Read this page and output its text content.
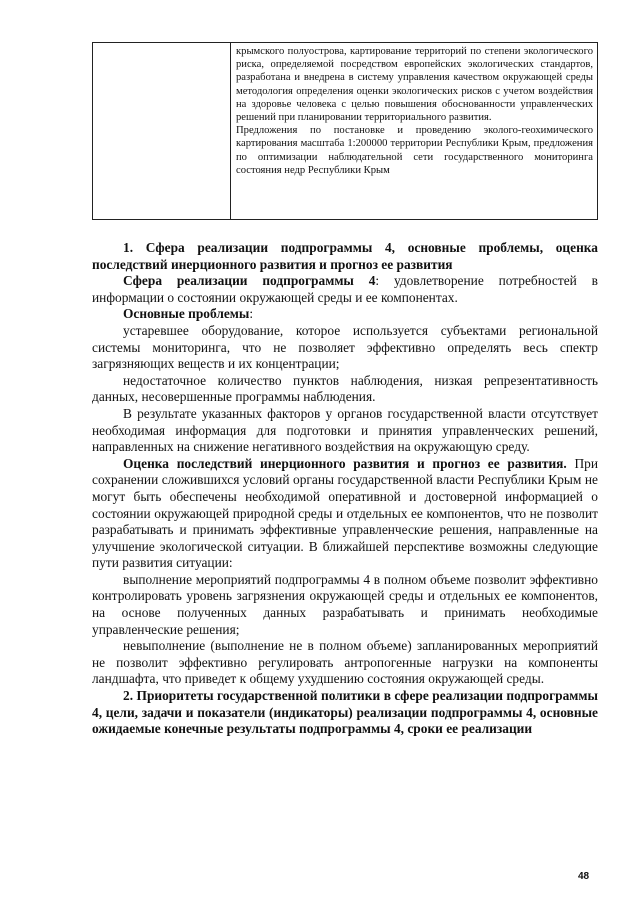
крымского полуострова, картирование территорий по степени экологического риска, определяемой посредством европейских экологических стандартов, разработана и внедрена в систему управления качеством окружающей среды методология определения оценки экологических рисков с учетом воздействия на здоровье человека с целью повышения обоснованности управленческих решений при планировании территориального развития.

Предложения по постановке и проведению эколого-геохимического картирования масштаба 1:200000 территории Республики Крым, предложения по оптимизации наблюдательной сети государственного мониторинга состояния недр Республики Крым

1. Сфера реализации подпрограммы 4, основные проблемы, оценка последствий инерционного развития и прогноз ее развития

Сфера реализации подпрограммы 4: удовлетворение потребностей в информации о состоянии окружающей среды и ее компонентах.

Основные проблемы:

устаревшее оборудование, которое используется субъектами региональной системы мониторинга, что не позволяет эффективно определять весь спектр загрязняющих веществ и их концентрации;

недостаточное количество пунктов наблюдения, низкая репрезентативность данных, несовершенные программы наблюдения.

В результате указанных факторов у органов государственной власти отсутствует необходимая информация для подготовки и принятия управленческих решений, направленных на снижение негативного воздействия на окружающую среду.

Оценка последствий инерционного развития и прогноз ее развития. При сохранении сложившихся условий органы государственной власти Республики Крым не могут быть обеспечены необходимой оперативной и достоверной информацией о состоянии окружающей природной среды и отдельных ее компонентов, что не позволит разрабатывать и принимать эффективные управленческие решения, направленные на улучшение экологической ситуации. В ближайшей перспективе возможны следующие пути развития ситуации:

выполнение мероприятий подпрограммы 4 в полном объеме позволит эффективно контролировать уровень загрязнения окружающей среды и отдельных ее компонентов, на основе полученных данных разрабатывать и принимать необходимые управленческие решения;

невыполнение (выполнение не в полном объеме) запланированных мероприятий не позволит эффективно регулировать антропогенные нагрузки на компоненты ландшафта, что приведет к общему ухудшению состояния окружающей среды.

2. Приоритеты государственной политики в сфере реализации подпрограммы 4, цели, задачи и показатели (индикаторы) реализации подпрограммы 4, основные ожидаемые конечные результаты подпрограммы 4, сроки ее реализации

48
